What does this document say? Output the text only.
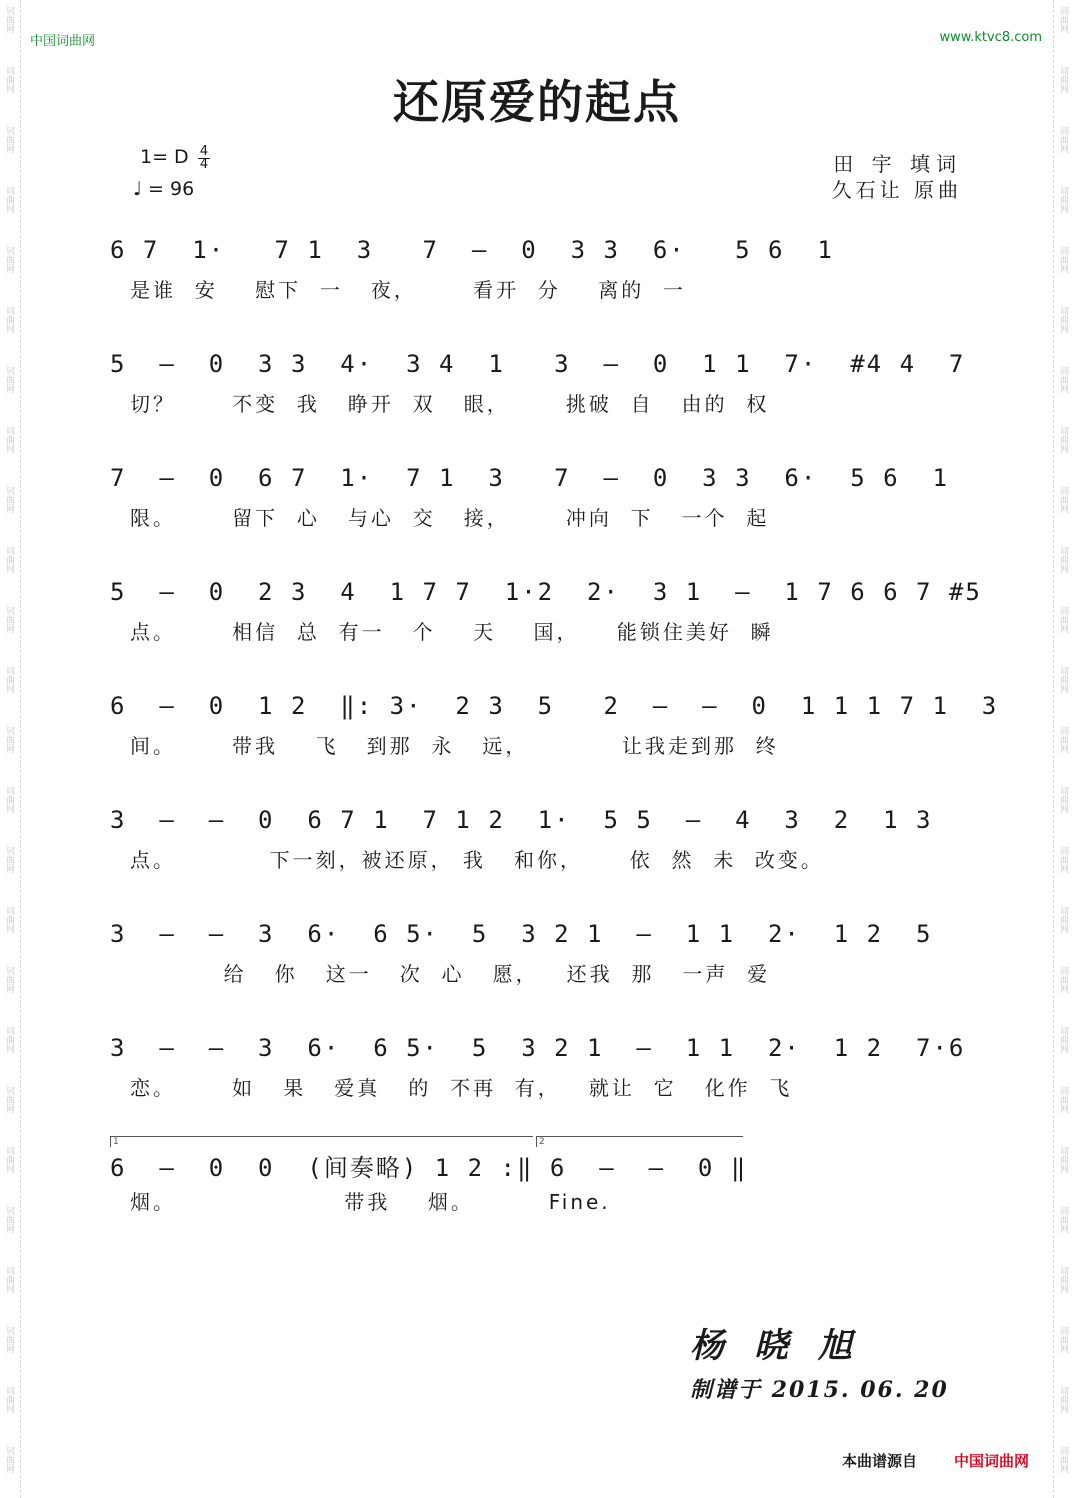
词曲网
词曲网
词曲网
词曲网
词曲网
词曲网
词曲网
词曲网
词曲网
词曲网
词曲网
词曲网
词曲网
词曲网
词曲网
词曲网
词曲网
词曲网
词曲网
词曲网
词曲网
词曲网
词曲网
词曲网
词曲网
词曲网
词曲网
词曲网
词曲网
词曲网
词曲网
词曲网
词曲网
词曲网
词曲网
词曲网
词曲网
词曲网
词曲网
词曲网
词曲网
词曲网
词曲网
词曲网
词曲网
词曲网
词曲网
词曲网
词曲网
词曲网
中国词曲网	www.ktvc8.com
还原爱的起点
1= D 4
4
♩ = 96
田 宇 填词
久石让 原曲
6 7  1·   7 1  3   7  —  0  3 3  6·   5 6  1
是谁  安    慰下  一   夜，      看开  分    离的  一
5  —  0  3 3  4·  3 4  1   3  —  0  1 1  7·  #4 4  7
切？      不变  我   睁开  双   眼，      挑破  自   由的  权
7  —  0  6 7  1·  7 1  3   7  —  0  3 3  6·  5 6  1
限。      留下  心   与心  交   接，      冲向  下   一个  起
5  —  0  2 3  4  1 7 7  1·2  2·  3 1  —  1 7 6 6 7 #5
点。      相信  总  有一   个    天    国，    能锁住美好  瞬
6  —  0  1 2  ‖: 3·  2 3  5   2  —  —  0  1 1 1 7 1  3
间。      带我    飞   到那  永   远，          让我走到那  终
3  —  —  0  6 7 1  7 1 2  1·  5 5  —  4  3  2  1 3
点。          下一刻，被还原， 我   和你，     依  然  未  改变。
3  —  —  3  6·  6 5·  5  3 2 1  —  1 1  2·  1 2  5
给   你   这一   次  心   愿，   还我  那   一声  爱
3  —  —  3  6·  6 5·  5  3 2 1  —  1 1  2·  1 2  7·6
恋。      如   果   爱真   的  不再  有，   就让  它   化作  飞
1	2
6  —  0  0  (间奏略) 1 2 :‖ 6  —  —  0 ‖
烟。                  带我    烟。        Fine.
杨晓旭
制谱于 2015. 06. 20
本曲谱源自 中国词曲网
